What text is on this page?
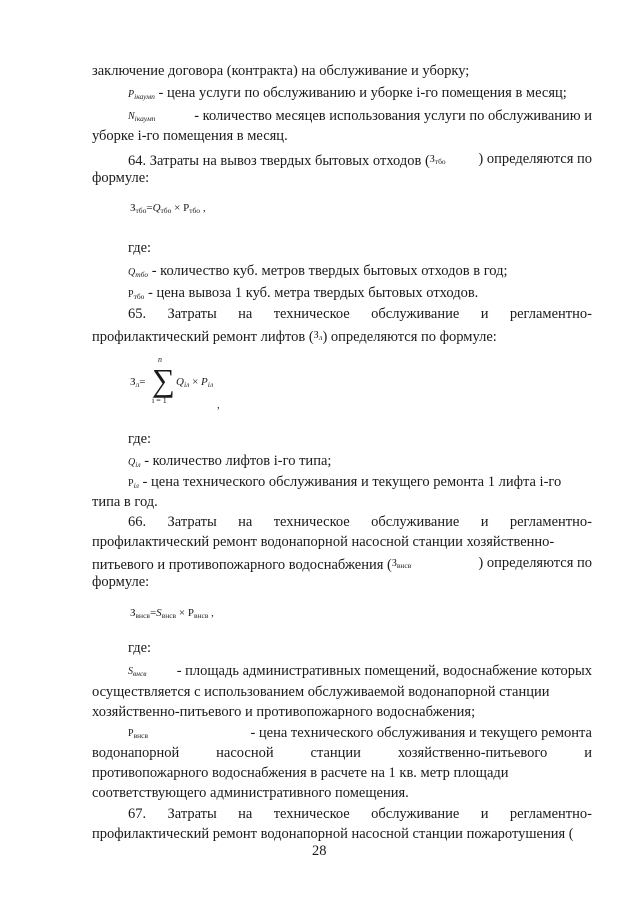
заключение договора (контракта) на обслуживание и уборку;
$P_{iкаумп}$ - цена услуги по обслуживанию и уборке i-го помещения в месяц;
$N_{iкаумп}$	- количество месяцев использования услуги по обслуживанию и
уборке i-го помещения в месяц.
64. Затраты на вывоз твердых бытовых отходов ($^{З_{тбо}}$ ) определяются по
формуле:
Зтбо=Qтбо × Pтбо ,
где:
$Q_{тбо}$ - количество куб. метров твердых бытовых отходов в год;
$P_{тбо}$ - цена вывоза 1 куб. метра твердых бытовых отходов.
65. Затраты на техническое обслуживание и регламентно-
профилактический ремонт лифтов ($^{З_л}$) определяются по формуле:
Зл= ∑
n
i = 1
$Q_{iл} \times P_{iл}$
,
где:
$Q_{iл}$ - количество лифтов i-го типа;
$P_{iл}$ - цена технического обслуживания и текущего ремонта 1 лифта i-го
типа в год.
66. Затраты на техническое обслуживание и регламентно-
профилактический ремонт водонапорной насосной станции хозяйственно-
питьевого и противопожарного водоснабжения ($^{З_{внсв}}$	) определяются по
формуле:
Звнсв=Sвнсв × Pвнсв ,
где:
$S_{внсв}$ - площадь административных помещений, водоснабжение которых
осуществляется с использованием обслуживаемой водонапорной станции
хозяйственно-питьевого и противопожарного водоснабжения;
$P_{внсв}$	- цена технического обслуживания и текущего ремонта
водонапорной	насосной	станции	хозяйственно-питьевого	и
противопожарного водоснабжения в расчете на 1 кв. метр площади
соответствующего административного помещения.
67. Затраты на техническое обслуживание и регламентно-
профилактический ремонт водонапорной насосной станции пожаротушения (
28
